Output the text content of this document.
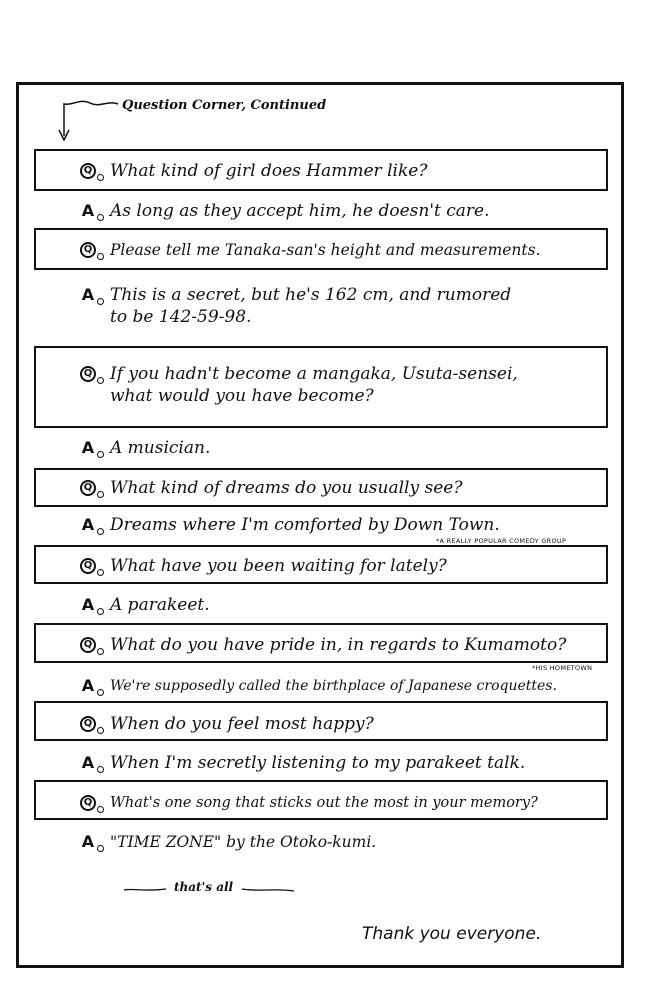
Question Corner, Continued
Q What kind of girl does Hammer like?
A As long as they accept him, he doesn't care.
Q Please tell me Tanaka-san's height and measurements.
A This is a secret, but he's 162 cm, and rumored
to be 142-59-98.
Q If you hadn't become a mangaka, Usuta-sensei,
what would you have become?
A A musician.
Q What kind of dreams do you usually see?
A Dreams where I'm comforted by Down Town.
*A REALLY POPULAR COMEDY GROUP
Q What have you been waiting for lately?
A A parakeet.
Q What do you have pride in, in regards to Kumamoto?
*HIS HOMETOWN
A We're supposedly called the birthplace of Japanese croquettes.
Q When do you feel most happy?
A When I'm secretly listening to my parakeet talk.
Q What's one song that sticks out the most in your memory?
A "TIME ZONE" by the Otoko-kumi.
that's all
Thank you everyone.
